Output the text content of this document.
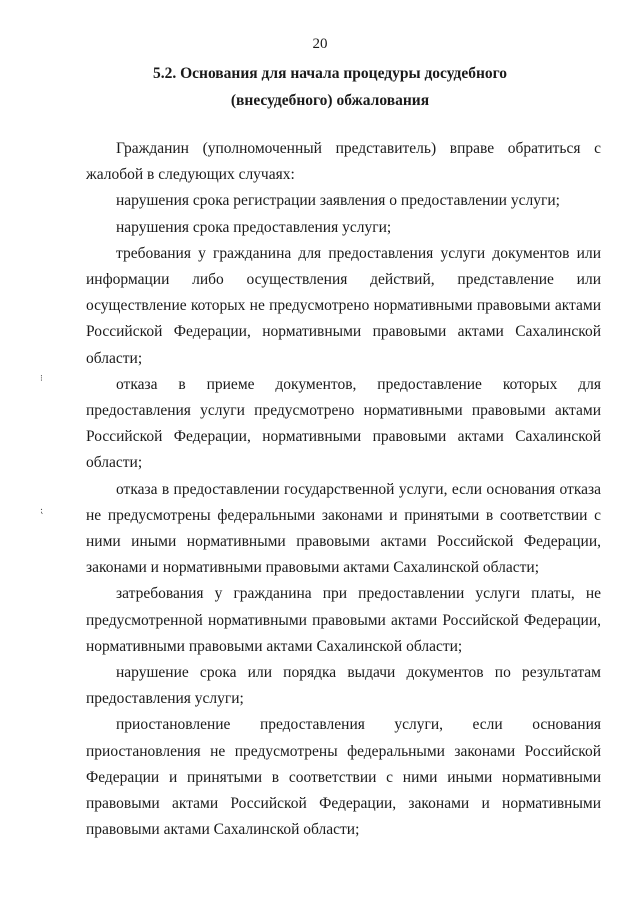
20
5.2. Основания для начала процедуры досудебного
(внесудебного) обжалования

Гражданин (уполномоченный представитель) вправе обратиться с жалобой в следующих случаях:

нарушения срока регистрации заявления о предоставлении услуги;

нарушения срока предоставления услуги;

требования у гражданина для предоставления услуги документов или информации либо осуществления действий, представление или осуществление которых не предусмотрено нормативными правовыми актами Российской Федерации, нормативными правовыми актами Сахалинской области;

отказа в приеме документов, предоставление которых для предоставления услуги предусмотрено нормативными правовыми актами Российской Федерации, нормативными правовыми актами Сахалинской области;

отказа в предоставлении государственной услуги, если основания отказа не предусмотрены федеральными законами и принятыми в соответствии с ними иными нормативными правовыми актами Российской Федерации, законами и нормативными правовыми актами Сахалинской области;

затребования у гражданина при предоставлении услуги платы, не предусмотренной нормативными правовыми актами Российской Федерации, нормативными правовыми актами Сахалинской области;

нарушение срока или порядка выдачи документов по результатам предоставления услуги;

приостановление предоставления услуги, если основания приостановления не предусмотрены федеральными законами Российской Федерации и принятыми в соответствии с ними иными нормативными правовыми актами Российской Федерации, законами и нормативными правовыми актами Сахалинской области;

⁝
⁏
